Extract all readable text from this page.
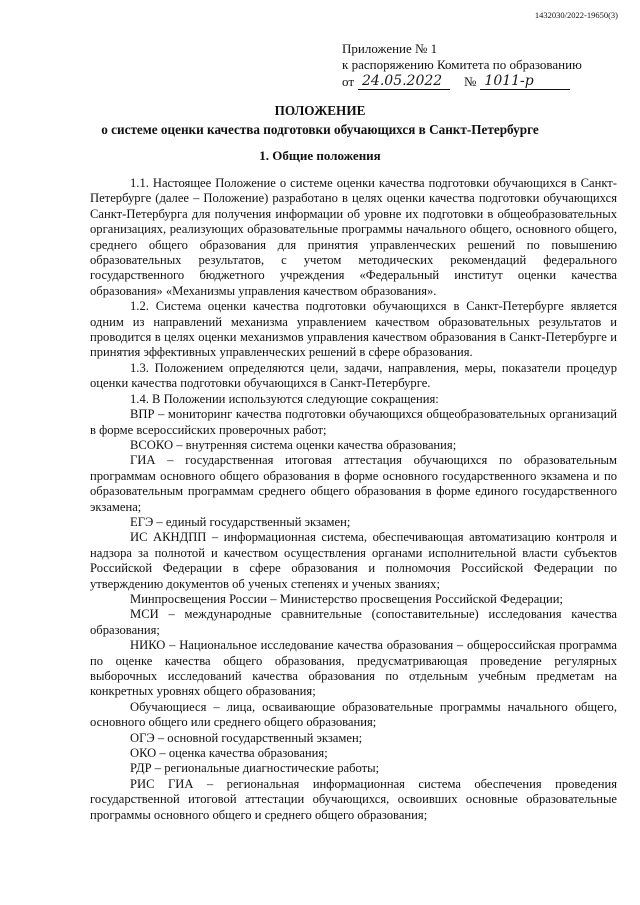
1432030/2022-19650(3)
Приложение № 1
к распоряжению Комитета по образованию
от 24.05.2022 № 1011-р
ПОЛОЖЕНИЕ
о системе оценки качества подготовки обучающихся в Санкт-Петербурге
1. Общие положения

1.1. Настоящее Положение о системе оценки качества подготовки обучающихся в Санкт-Петербурге (далее – Положение) разработано в целях оценки качества подготовки обучающихся Санкт-Петербурга для получения информации об уровне их подготовки в общеобразовательных организациях, реализующих образовательные программы начального общего, основного общего, среднего общего образования для принятия управленческих решений по повышению образовательных результатов, с учетом методических рекомендаций федерального государственного бюджетного учреждения «Федеральный институт оценки качества образования» «Механизмы управления качеством образования».

1.2. Система оценки качества подготовки обучающихся в Санкт-Петербурге является одним из направлений механизма управлением качеством образовательных результатов и проводится в целях оценки механизмов управления качеством образования в Санкт-Петербурге и принятия эффективных управленческих решений в сфере образования.

1.3. Положением определяются цели, задачи, направления, меры, показатели процедур оценки качества подготовки обучающихся в Санкт-Петербурге.

1.4. В Положении используются следующие сокращения:

ВПР – мониторинг качества подготовки обучающихся общеобразовательных организаций в форме всероссийских проверочных работ;

ВСОКО – внутренняя система оценки качества образования;

ГИА – государственная итоговая аттестация обучающихся по образовательным программам основного общего образования в форме основного государственного экзамена и по образовательным программам среднего общего образования в форме единого государственного экзамена;

ЕГЭ – единый государственный экзамен;

ИС АКНДПП – информационная система, обеспечивающая автоматизацию контроля и надзора за полнотой и качеством осуществления органами исполнительной власти субъектов Российской Федерации в сфере образования и полномочия Российской Федерации по утверждению документов об ученых степенях и ученых званиях;

Минпросвещения России – Министерство просвещения Российской Федерации;

МСИ – международные сравнительные (сопоставительные) исследования качества образования;

НИКО – Национальное исследование качества образования – общероссийская программа по оценке качества общего образования, предусматривающая проведение регулярных выборочных исследований качества образования по отдельным учебным предметам на конкретных уровнях общего образования;

Обучающиеся – лица, осваивающие образовательные программы начального общего, основного общего или среднего общего образования;

ОГЭ – основной государственный экзамен;

ОКО – оценка качества образования;

РДР – региональные диагностические работы;

РИС ГИА – региональная информационная система обеспечения проведения государственной итоговой аттестации обучающихся, освоивших основные образовательные программы основного общего и среднего общего образования;
